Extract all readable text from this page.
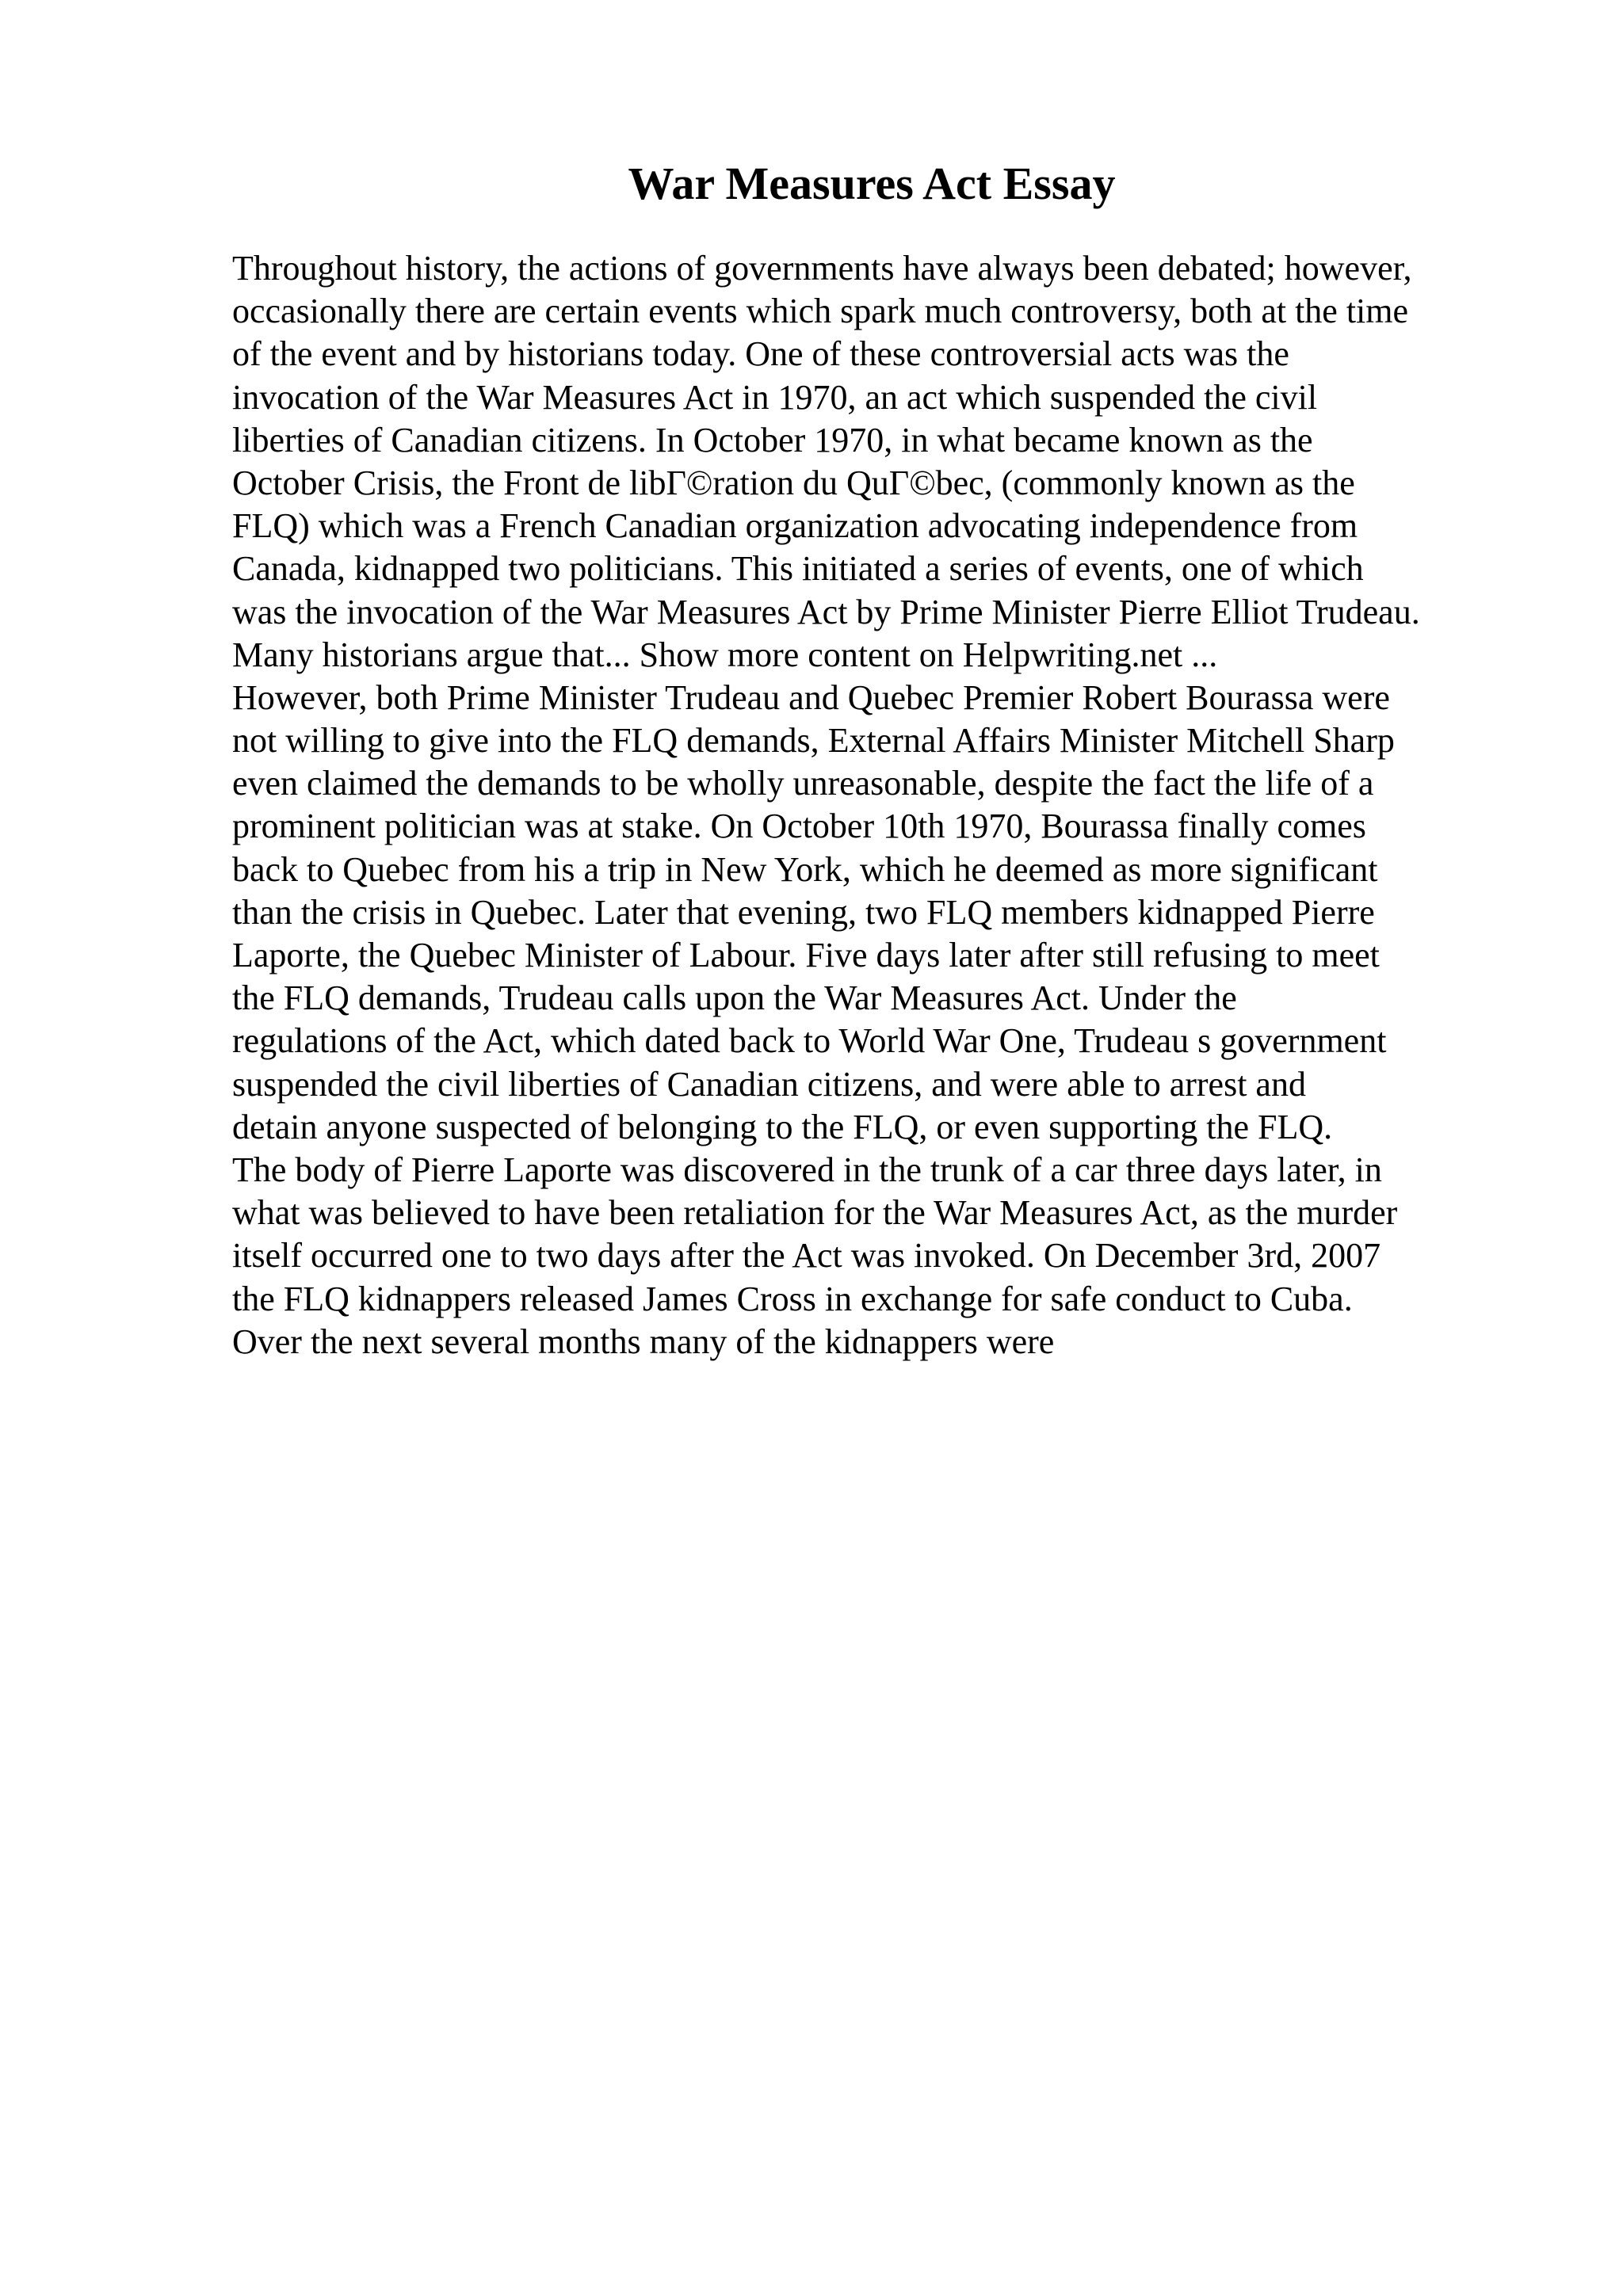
War Measures Act Essay
Throughout history, the actions of governments have always been debated; however,
occasionally there are certain events which spark much controversy, both at the time
of the event and by historians today. One of these controversial acts was the
invocation of the War Measures Act in 1970, an act which suspended the civil
liberties of Canadian citizens. In October 1970, in what became known as the
October Crisis, the Front de libΓ©ration du QuΓ©bec, (commonly known as the
FLQ) which was a French Canadian organization advocating independence from
Canada, kidnapped two politicians. This initiated a series of events, one of which
was the invocation of the War Measures Act by Prime Minister Pierre Elliot Trudeau.
Many historians argue that... Show more content on Helpwriting.net ...
However, both Prime Minister Trudeau and Quebec Premier Robert Bourassa were
not willing to give into the FLQ demands, External Affairs Minister Mitchell Sharp
even claimed the demands to be wholly unreasonable, despite the fact the life of a
prominent politician was at stake. On October 10th 1970, Bourassa finally comes
back to Quebec from his a trip in New York, which he deemed as more significant
than the crisis in Quebec. Later that evening, two FLQ members kidnapped Pierre
Laporte, the Quebec Minister of Labour. Five days later after still refusing to meet
the FLQ demands, Trudeau calls upon the War Measures Act. Under the
regulations of the Act, which dated back to World War One, Trudeau s government
suspended the civil liberties of Canadian citizens, and were able to arrest and
detain anyone suspected of belonging to the FLQ, or even supporting the FLQ.
The body of Pierre Laporte was discovered in the trunk of a car three days later, in
what was believed to have been retaliation for the War Measures Act, as the murder
itself occurred one to two days after the Act was invoked. On December 3rd, 2007
the FLQ kidnappers released James Cross in exchange for safe conduct to Cuba.
Over the next several months many of the kidnappers were
